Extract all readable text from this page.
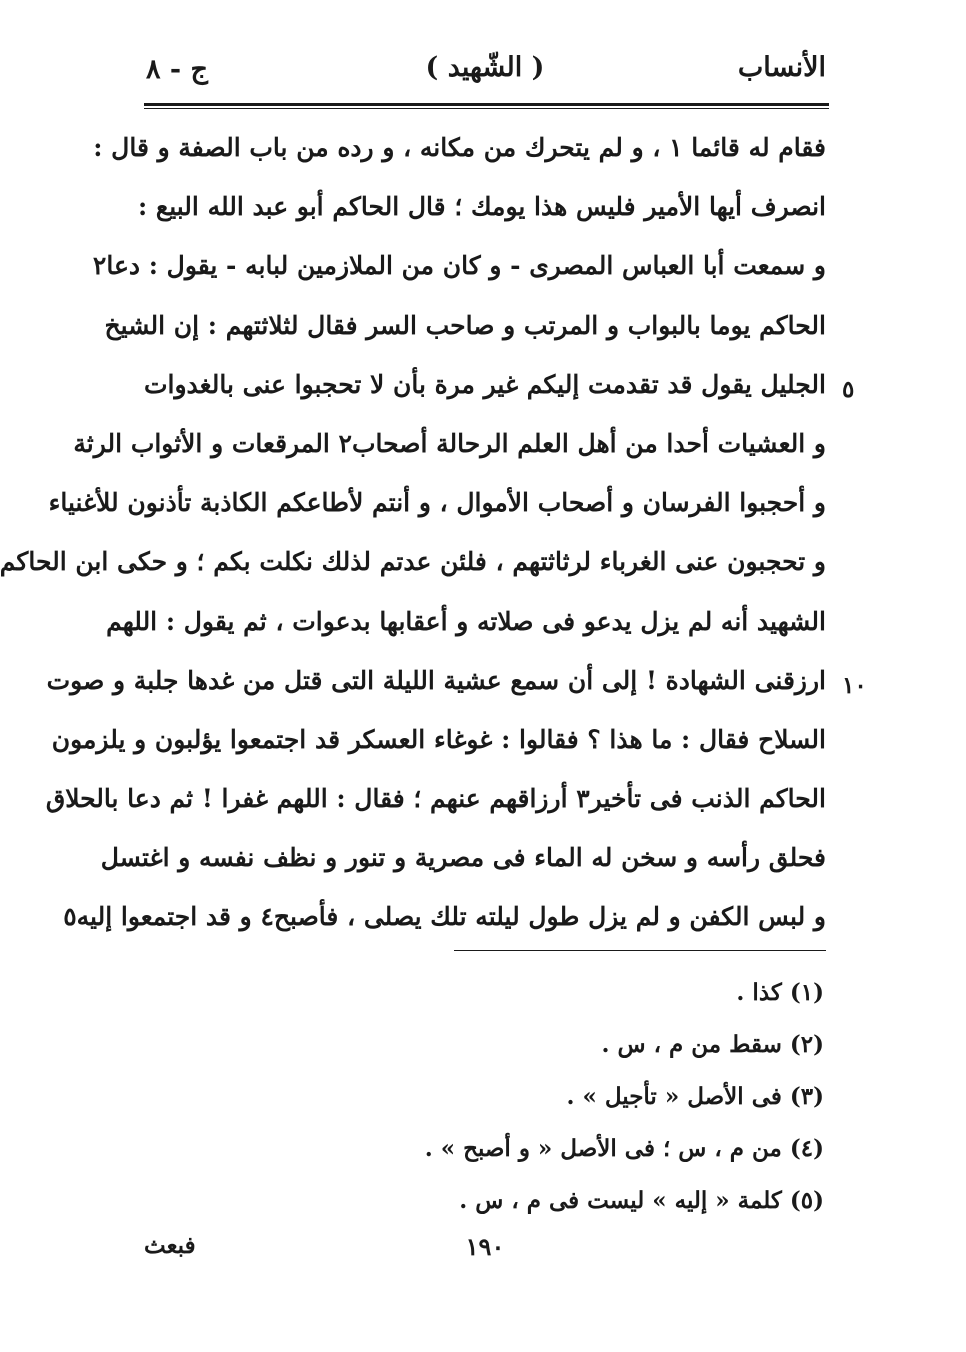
الأنساب
( الشّهيد )
ج - ٨
فقام له قائما ١ ، و لم يتحرك من مكانه ، و رده من باب الصفة و قال :
انصرف أيها الأمير فليس هذا يومك ؛ قال الحاكم أبو عبد الله البيع :
و سمعت أبا العباس المصرى - و كان من الملازمين لبابه - يقول : دعا٢
الحاكم يوما بالبواب و المرتب و صاحب السر فقال لثلاثتهم : إن الشيخ
الجليل يقول قد تقدمت إليكم غير مرة بأن لا تحجبوا عنى بالغدوات
و العشيات أحدا من أهل العلم الرحالة أصحاب٢ المرقعات و الأثواب الرثة
و أحجبوا الفرسان و أصحاب الأموال ، و أنتم لأطاعكم الكاذبة تأذنون للأغنياء
و تحجبون عنى الغرباء لرثاثتهم ، فلئن عدتم لذلك نكلت بكم ؛ و حكى ابن الحاكم
الشهيد أنه لم يزل يدعو فى صلاته و أعقابها بدعوات ، ثم يقول : اللهم
ارزقنى الشهادة ! إلى أن سمع عشية الليلة التى قتل من غدها جلبة و صوت
السلاح فقال : ما هذا ؟ فقالوا : غوغاء العسكر قد اجتمعوا يؤلبون و يلزمون
الحاكم الذنب فى تأخير٣ أرزاقهم عنهم ؛ فقال : اللهم غفرا ! ثم دعا بالحلاق
فحلق رأسه و سخن له الماء فى مصرية و تنور و نظف نفسه و اغتسل
و لبس الكفن و لم يزل طول ليلته تلك يصلى ، فأصبح٤ و قد اجتمعوا إليه٥
٥
١٠
(١) كذا .
(٢) سقط من م ، س .
(٣) فى الأصل « تأجيل » .
(٤) من م ، س ؛ فى الأصل « و أصبح » .
(٥) كلمة « إليه » ليست فى م ، س .
١٩٠
فبعث
